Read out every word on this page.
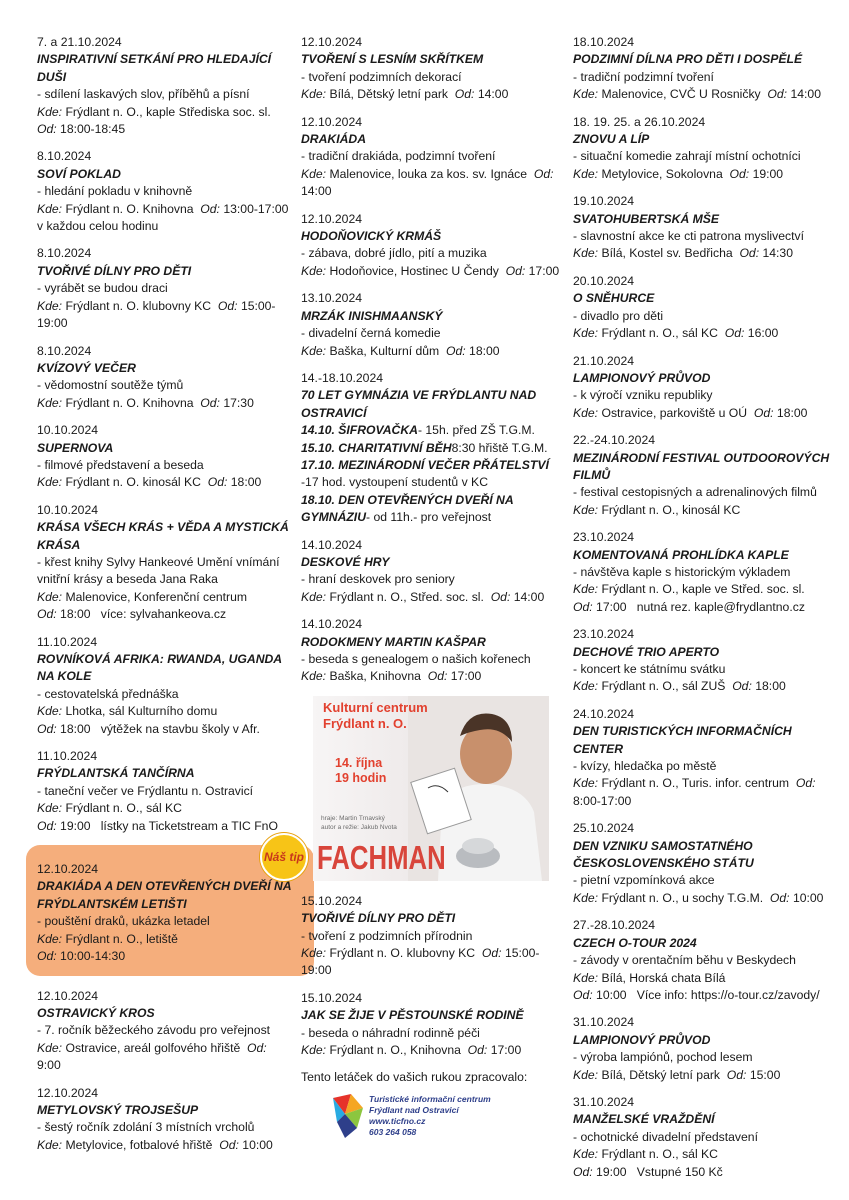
7. a 21.10.2024
INSPIRATIVNÍ SETKÁNÍ PRO HLEDAJÍCÍ DUŠI
- sdílení laskavých slov, příběhů a písní
Kde: Frýdlant n. O., kaple Střediska soc. sl.  Od: 18:00-18:45
8.10.2024
SOVÍ POKLAD
- hledání pokladu v knihovně
Kde: Frýdlant n. O. Knihovna Od: 13:00-17:00 v každou celou hodinu
8.10.2024
TVOŘIVÉ DÍLNY PRO DĚTI
- vyrábět se budou draci
Kde: Frýdlant n. O. klubovny KC Od: 15:00-19:00
8.10.2024
KVÍZOVÝ VEČER
- vědomostní soutěže týmů
Kde: Frýdlant n. O. Knihovna Od: 17:30
10.10.2024
SUPERNOVA
- filmové představení a beseda
Kde: Frýdlant n. O. kinosál KC Od: 18:00
10.10.2024
KRÁSA VŠECH KRÁS + VĚDA A MYSTICKÁ KRÁSA
- křest knihy Sylvy Hankeové Umění vnímání vnitřní krásy a beseda Jana Raka
Kde: Malenovice, Konferenční centrum
Od: 18:00 více: sylvahankeova.cz
11.10.2024
ROVNÍKOVÁ AFRIKA: RWANDA, UGANDA NA KOLE
- cestovatelská přednáška
Kde: Lhotka, sál Kulturního domu
Od: 18:00 výtěžek na stavbu školy v Afr.
11.10.2024
FRÝDLANTSKÁ TANČÍRNA
- taneční večer ve Frýdlantu n. Ostravicí
Kde: Frýdlant n. O., sál KC
Od: 19:00 lístky na Ticketstream a TIC FnO
Náš tip
12.10.2024
DRAKIÁDA A DEN OTEVŘENÝCH DVEŘÍ NA FRÝDLANTSKÉM LETIŠTI
- pouštění draků, ukázka letadel
Kde: Frýdlant n. O., letiště
Od: 10:00-14:30
12.10.2024
OSTRAVICKÝ KROS
- 7. ročník běžeckého závodu pro veřejnost
Kde: Ostravice, areál golfového hřiště Od: 9:00
12.10.2024
METYLOVSKÝ TROJSEŠUP
- šestý ročník zdolání 3 místních vrcholů
Kde: Metylovice, fotbalové hřiště Od: 10:00
12.10.2024
TVOŘENÍ S LESNÍM SKŘÍTKEM
- tvoření podzimních dekorací
Kde: Bílá, Dětský letní park Od: 14:00
12.10.2024
DRAKIÁDA
- tradiční drakiáda, podzimní tvoření
Kde: Malenovice, louka za kos. sv. Ignáce Od: 14:00
12.10.2024
HODOŇOVICKÝ KRMÁŠ
- zábava, dobré jídlo, pití a muzika
Kde: Hodoňovice, Hostinec U Čendy Od: 17:00
13.10.2024
MRZÁK INISHMAANSKÝ
- divadelní černá komedie
Kde: Baška, Kulturní dům Od: 18:00
14.-18.10.2024
70 LET GYMNÁZIA VE FRÝDLANTU NAD OSTRAVICÍ
14.10. ŠIFROVAČKA- 15h. před ZŠ T.G.M.
15.10. CHARITATIVNÍ BĚH8:30 hřiště T.G.M.
17.10. MEZINÁRODNÍ VEČER PŘÁTELSTVÍ
-17 hod. vystoupení studentů v KC
18.10. DEN OTEVŘENÝCH DVEŘÍ NA GYMNÁZIU- od 11h.- pro veřejnost
14.10.2024
DESKOVÉ HRY
- hraní deskovek pro seniory
Kde: Frýdlant n. O., Střed. soc. sl. Od: 14:00
14.10.2024
RODOKMENY MARTIN KAŠPAR
- beseda s genealogem o našich kořenech
Kde: Baška, Knihovna Od: 17:00
Kulturní centrum
Frýdlant n. O.
14. října
19 hodin
hraje: Martin Trnavský
autor a režie: Jakub Nvota
FACHMAN
15.10.2024
TVOŘIVÉ DÍLNY PRO DĚTI
- tvoření z podzimních přírodnin
Kde: Frýdlant n. O. klubovny KC Od: 15:00-19:00
15.10.2024
JAK SE ŽIJE V PĚSTOUNSKÉ RODINĚ
- beseda o náhradní rodinně péči
Kde: Frýdlant n. O., Knihovna Od: 17:00
Tento letáček do vašich rukou zpracovalo:
Turistické informační centrum
Frýdlant nad Ostravicí
www.ticfno.cz
603 264 058
18.10.2024
PODZIMNÍ DÍLNA PRO DĚTI I DOSPĚLÉ
- tradiční podzimní tvoření
Kde: Malenovice, CVČ U Rosničky Od: 14:00
18. 19. 25. a 26.10.2024
ZNOVU A LÍP
- situační komedie zahrají místní ochotníci
Kde: Metylovice, Sokolovna Od: 19:00
19.10.2024
SVATOHUBERTSKÁ MŠE
- slavnostní akce ke cti patrona myslivectví
Kde: Bílá, Kostel sv. Bedřicha Od: 14:30
20.10.2024
O SNĚHURCE
- divadlo pro děti
Kde: Frýdlant n. O., sál KC Od: 16:00
21.10.2024
LAMPIONOVÝ PRŮVOD
- k výročí vzniku republiky
Kde: Ostravice, parkoviště u OÚ Od: 18:00
22.-24.10.2024
MEZINÁRODNÍ FESTIVAL OUTDOOROVÝCH FILMŮ
- festival cestopisných a adrenalinových filmů
Kde: Frýdlant n. O., kinosál KC
23.10.2024
KOMENTOVANÁ PROHLÍDKA KAPLE
- návštěva kaple s historickým výkladem
Kde: Frýdlant n. O., kaple ve Střed. soc. sl.
Od: 17:00 nutná rez. kaple@frydlantno.cz
23.10.2024
DECHOVÉ TRIO APERTO
- koncert ke státnímu svátku
Kde: Frýdlant n. O., sál ZUŠ Od: 18:00
24.10.2024
DEN TURISTICKÝCH INFORMAČNÍCH CENTER
- kvízy, hledačka po městě
Kde: Frýdlant n. O., Turis. infor. centrum Od: 8:00-17:00
25.10.2024
DEN VZNIKU SAMOSTATNÉHO ČESKOSLOVENSKÉHO STÁTU
- pietní vzpomínková akce
Kde: Frýdlant n. O., u sochy T.G.M. Od: 10:00
27.-28.10.2024
CZECH O-TOUR 2024
- závody v orentačním běhu v Beskydech
Kde: Bílá, Horská chata Bílá
Od: 10:00 Více info: https://o-tour.cz/zavody/
31.10.2024
LAMPIONOVÝ PRŮVOD
- výroba lampiónů, pochod lesem
Kde: Bílá, Dětský letní park Od: 15:00
31.10.2024
MANŽELSKÉ VRAŽDĚNÍ
- ochotnické divadelní představení
Kde: Frýdlant n. O., sál KC
Od: 19:00 Vstupné 150 Kč
